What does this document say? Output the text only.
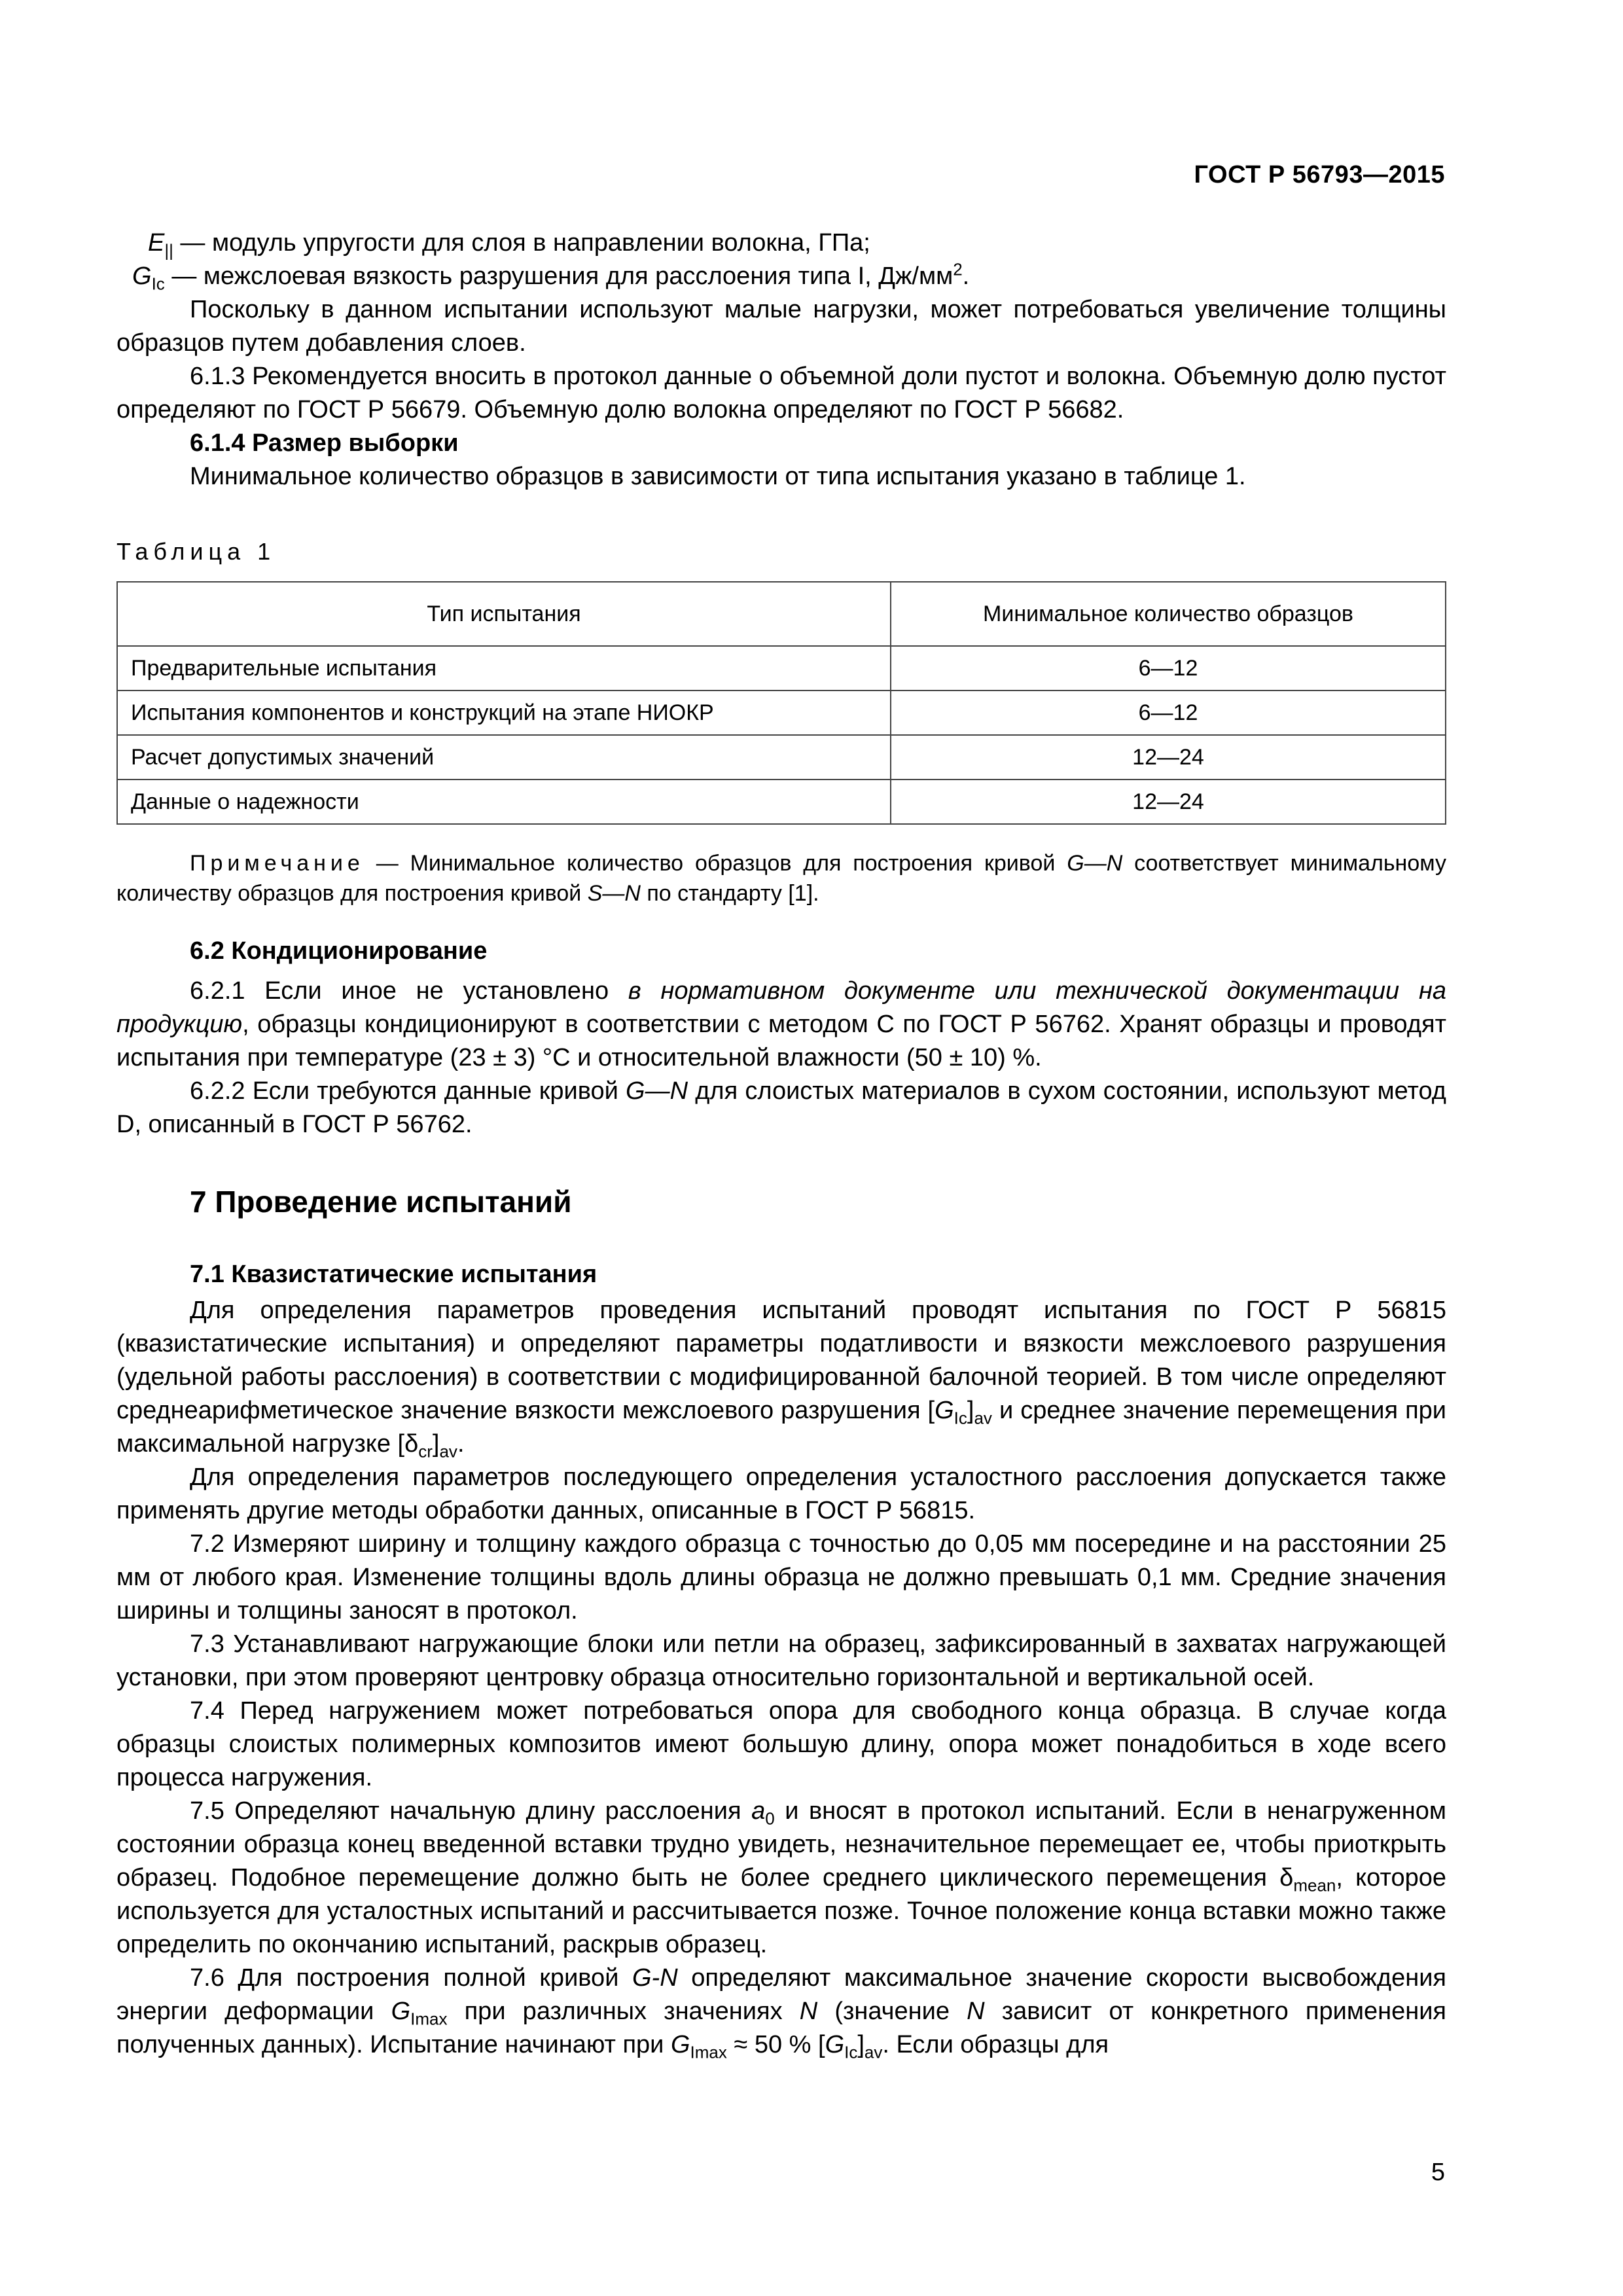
ГОСТ Р 56793—2015
$E_{||}$ — модуль упругости для слоя в направлении волокна, ГПа;
$G_{Ic}$ — межслоевая вязкость разрушения для расслоения типа I, $Дж/мм^2$.

Поскольку в данном испытании используют малые нагрузки, может потребоваться увеличение толщины образцов путем добавления слоев.

6.1.3 Рекомендуется вносить в протокол данные о объемной доли пустот и волокна. Объемную долю пустот определяют по ГОСТ Р 56679. Объемную долю волокна определяют по ГОСТ Р 56682.

6.1.4 Размер выборки

Минимальное количество образцов в зависимости от типа испытания указано в таблице 1.

Таблица 1
Тип испытания	Минимальное количество образцов
Предварительные испытания	6—12
Испытания компонентов и конструкций на этапе НИОКР	6—12
Расчет допустимых значений	12—24
Данные о надежности	12—24
Примечание — Минимальное количество образцов для построения кривой G—N соответствует минимальному количеству образцов для построения кривой S—N по стандарту [1].
6.2 Кондиционирование

6.2.1 Если иное не установлено в нормативном документе или технической документации на продукцию, образцы кондиционируют в соответствии с методом С по ГОСТ Р 56762. Хранят образцы и проводят испытания при температуре (23 ± 3) °С и относительной влажности (50 ± 10) %.

6.2.2 Если требуются данные кривой G—N для слоистых материалов в сухом состоянии, используют метод D, описанный в ГОСТ Р 56762.

7 Проведение испытаний
7.1 Квазистатические испытания

Для определения параметров проведения испытаний проводят испытания по ГОСТ Р 56815 (квазистатические испытания) и определяют параметры податливости и вязкости межслоевого разрушения (удельной работы расслоения) в соответствии с модифицированной балочной теорией. В том числе определяют среднеарифметическое значение вязкости межслоевого разрушения $[G_{Ic}]_{av}$ и среднее значение перемещения при максимальной нагрузке $[\delta_{cr}]_{av}$.

Для определения параметров последующего определения усталостного расслоения допускается также применять другие методы обработки данных, описанные в ГОСТ Р 56815.

7.2 Измеряют ширину и толщину каждого образца с точностью до 0,05 мм посередине и на расстоянии 25 мм от любого края. Изменение толщины вдоль длины образца не должно превышать 0,1 мм. Средние значения ширины и толщины заносят в протокол.

7.3 Устанавливают нагружающие блоки или петли на образец, зафиксированный в захватах нагружающей установки, при этом проверяют центровку образца относительно горизонтальной и вертикальной осей.

7.4 Перед нагружением может потребоваться опора для свободного конца образца. В случае когда образцы слоистых полимерных композитов имеют большую длину, опора может понадобиться в ходе всего процесса нагружения.

7.5 Определяют начальную длину расслоения $a_0$ и вносят в протокол испытаний. Если в ненагруженном состоянии образца конец введенной вставки трудно увидеть, незначительное перемещает ее, чтобы приоткрыть образец. Подобное перемещение должно быть не более среднего циклического перемещения $\delta_{mean}$, которое используется для усталостных испытаний и рассчитывается позже. Точное положение конца вставки можно также определить по окончанию испытаний, раскрыв образец.

7.6 Для построения полной кривой G-N определяют максимальное значение скорости высвобождения энергии деформации $G_{Imax}$ при различных значениях N (значение N зависит от конкретного применения полученных данных). Испытание начинают при $G_{Imax} \approx 50$ % $[G_{Ic}]_{av}$. Если образцы для

5
